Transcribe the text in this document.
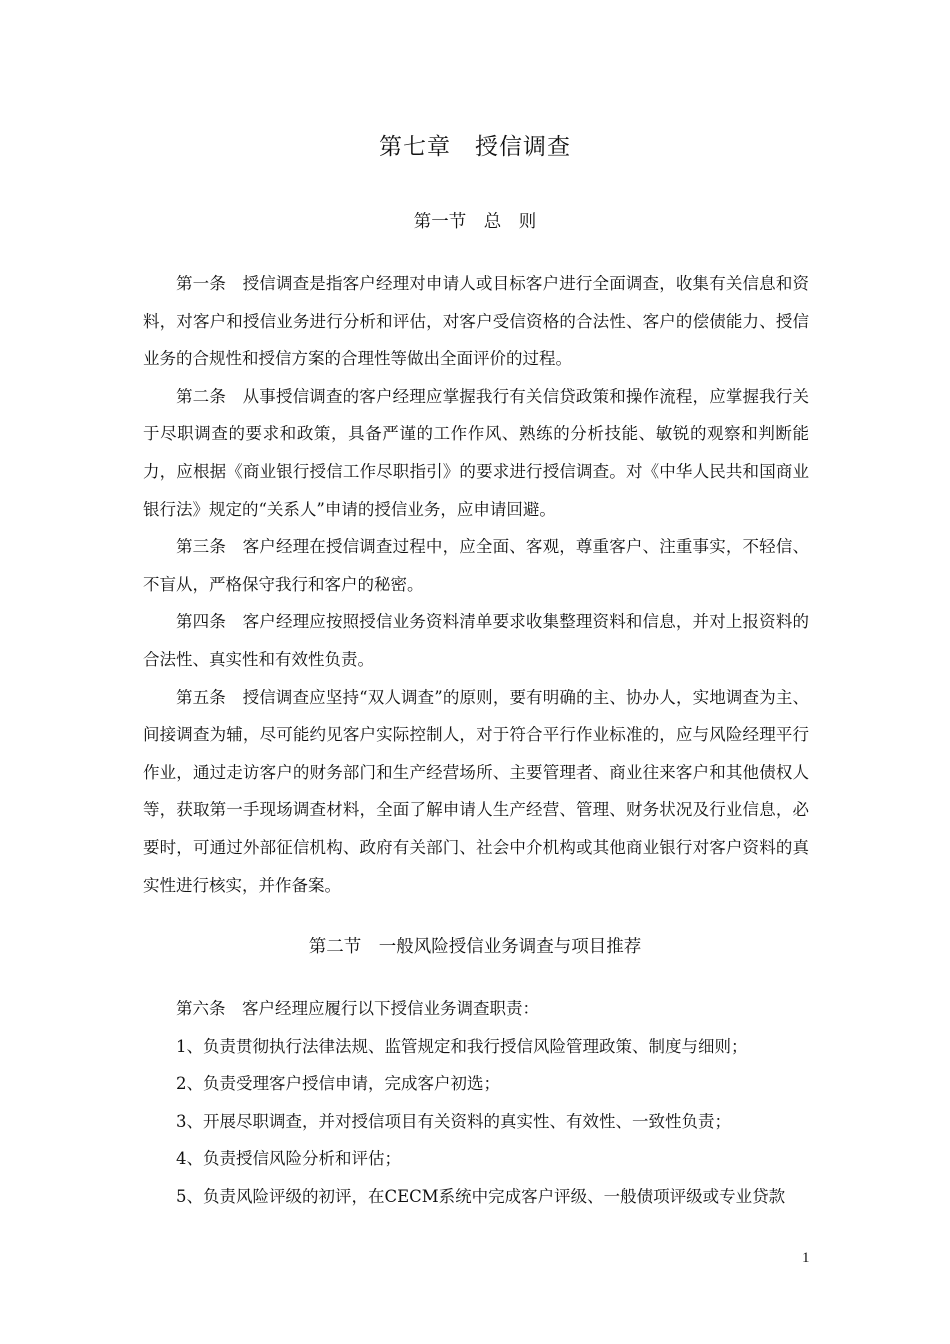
第七章　授信调查
第一节　总　则

第一条　授信调查是指客户经理对申请人或目标客户进行全面调查，收集有关信息和资料，对客户和授信业务进行分析和评估，对客户受信资格的合法性、客户的偿债能力、授信业务的合规性和授信方案的合理性等做出全面评价的过程。

第二条　从事授信调查的客户经理应掌握我行有关信贷政策和操作流程，应掌握我行关于尽职调查的要求和政策，具备严谨的工作作风、熟练的分析技能、敏锐的观察和判断能力，应根据《商业银行授信工作尽职指引》的要求进行授信调查。对《中华人民共和国商业银行法》规定的“关系人”申请的授信业务，应申请回避。

第三条　客户经理在授信调查过程中，应全面、客观，尊重客户、注重事实，不轻信、不盲从，严格保守我行和客户的秘密。

第四条　客户经理应按照授信业务资料清单要求收集整理资料和信息，并对上报资料的合法性、真实性和有效性负责。

第五条　授信调查应坚持“双人调查”的原则，要有明确的主、协办人，实地调查为主、间接调查为辅，尽可能约见客户实际控制人，对于符合平行作业标准的，应与风险经理平行作业，通过走访客户的财务部门和生产经营场所、主要管理者、商业往来客户和其他债权人等，获取第一手现场调查材料，全面了解申请人生产经营、管理、财务状况及行业信息，必要时，可通过外部征信机构、政府有关部门、社会中介机构或其他商业银行对客户资料的真实性进行核实，并作备案。

第二节　一般风险授信业务调查与项目推荐

第六条　客户经理应履行以下授信业务调查职责：

1、负责贯彻执行法律法规、监管规定和我行授信风险管理政策、制度与细则；

2、负责受理客户授信申请，完成客户初选；

3、开展尽职调查，并对授信项目有关资料的真实性、有效性、一致性负责；

4、负责授信风险分析和评估；

5、负责风险评级的初评，在CECM系统中完成客户评级、一般债项评级或专业贷款

1
